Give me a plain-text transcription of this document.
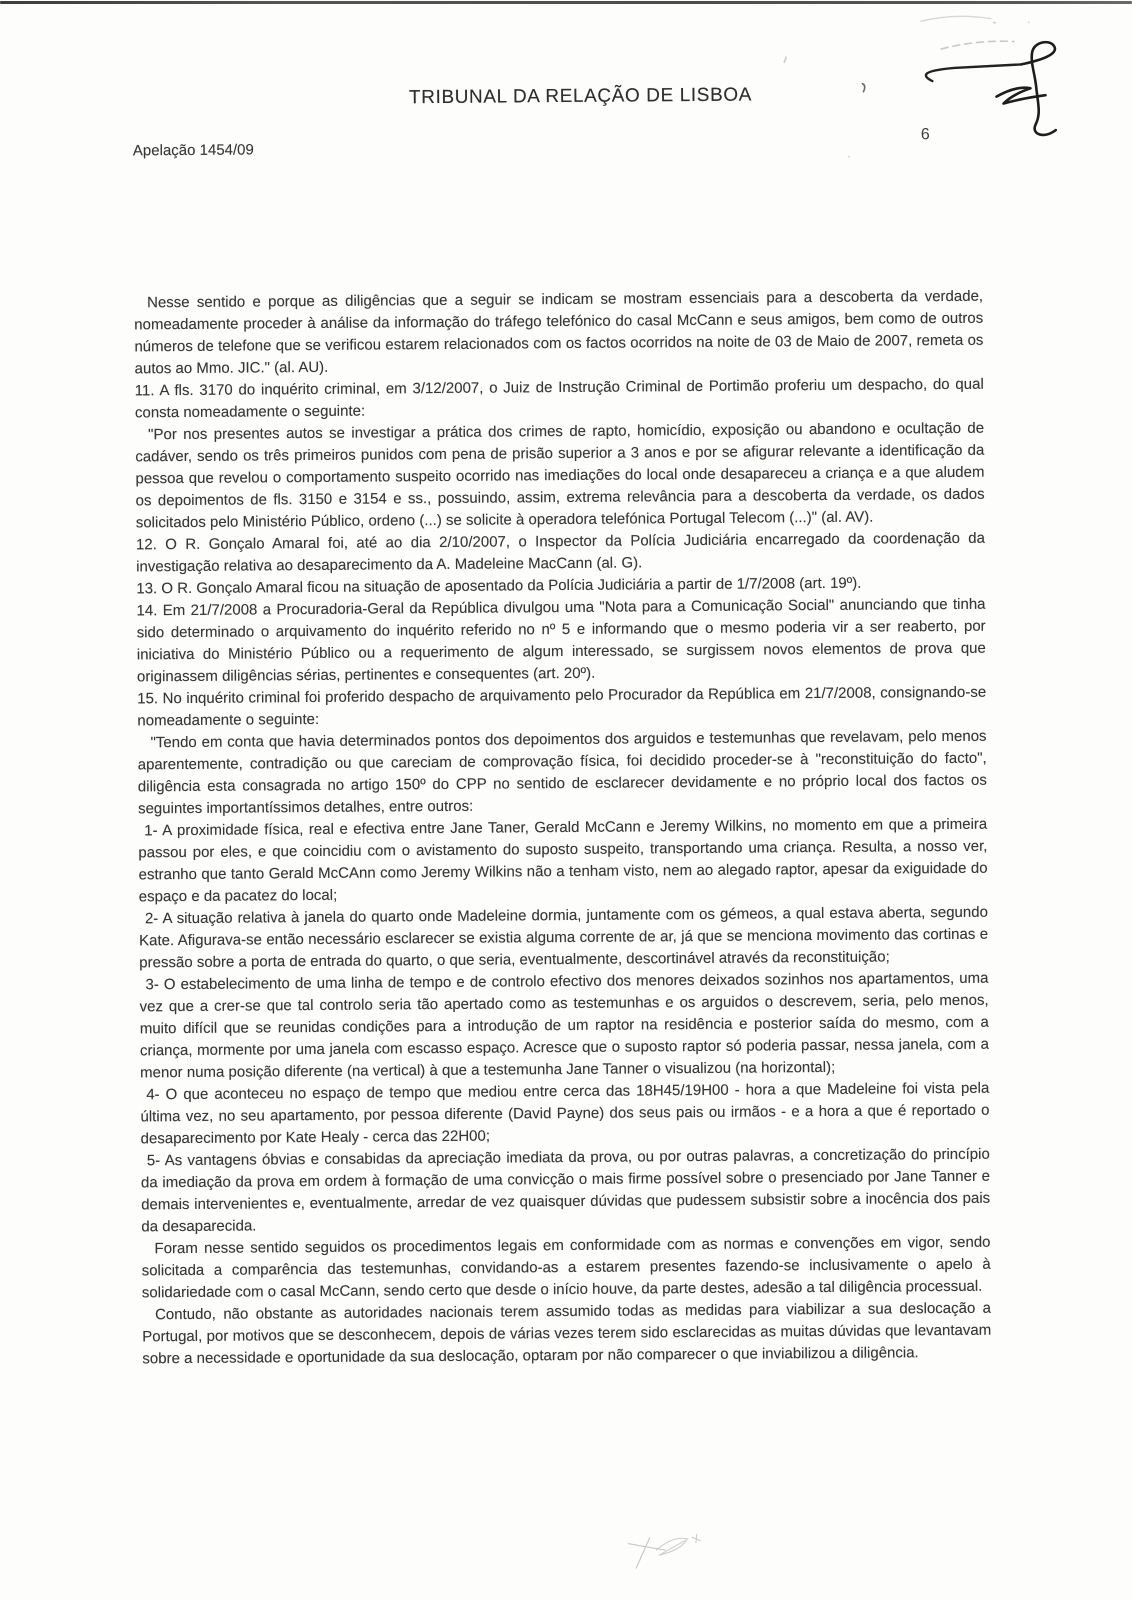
TRIBUNAL DA RELAÇÃO DE LISBOA
Apelação 1454/09
6

Nesse sentido e porque as diligências que a seguir se indicam se mostram essenciais para a descoberta da verdade, nomeadamente proceder à análise da informação do tráfego telefónico do casal McCann e seus amigos, bem como de outros números de telefone que se verificou estarem relacionados com os factos ocorridos na noite de 03 de Maio de 2007, remeta os autos ao Mmo. JIC." (al. AU).

11. A fls. 3170 do inquérito criminal, em 3/12/2007, o Juiz de Instrução Criminal de Portimão proferiu um despacho, do qual consta nomeadamente o seguinte:

"Por nos presentes autos se investigar a prática dos crimes de rapto, homicídio, exposição ou abandono e ocultação de cadáver, sendo os três primeiros punidos com pena de prisão superior a 3 anos e por se afigurar relevante a identificação da pessoa que revelou o comportamento suspeito ocorrido nas imediações do local onde desapareceu a criança e a que aludem os depoimentos de fls. 3150 e 3154 e ss., possuindo, assim, extrema relevância para a descoberta da verdade, os dados solicitados pelo Ministério Público, ordeno (...) se solicite à operadora telefónica Portugal Telecom (...)" (al. AV).

12. O R. Gonçalo Amaral foi, até ao dia 2/10/2007, o Inspector da Polícia Judiciária encarregado da coordenação da investigação relativa ao desaparecimento da A. Madeleine MacCann (al. G).

13. O R. Gonçalo Amaral ficou na situação de aposentado da Polícia Judiciária a partir de 1/7/2008 (art. 19º).

14. Em 21/7/2008 a Procuradoria-Geral da República divulgou uma "Nota para a Comunicação Social" anunciando que tinha sido determinado o arquivamento do inquérito referido no nº 5 e informando que o mesmo poderia vir a ser reaberto, por iniciativa do Ministério Público ou a requerimento de algum interessado, se surgissem novos elementos de prova que originassem diligências sérias, pertinentes e consequentes (art. 20º).

15. No inquérito criminal foi proferido despacho de arquivamento pelo Procurador da República em 21/7/2008, consignando-se nomeadamente o seguinte:

"Tendo em conta que havia determinados pontos dos depoimentos dos arguidos e testemunhas que revelavam, pelo menos aparentemente, contradição ou que careciam de comprovação física, foi decidido proceder-se à "reconstituição do facto", diligência esta consagrada no artigo 150º do CPP no sentido de esclarecer devidamente e no próprio local dos factos os seguintes importantíssimos detalhes, entre outros:

1- A proximidade física, real e efectiva entre Jane Taner, Gerald McCann e Jeremy Wilkins, no momento em que a primeira passou por eles, e que coincidiu com o avistamento do suposto suspeito, transportando uma criança. Resulta, a nosso ver, estranho que tanto Gerald McCAnn como Jeremy Wilkins não a tenham visto, nem ao alegado raptor, apesar da exiguidade do espaço e da pacatez do local;

2- A situação relativa à janela do quarto onde Madeleine dormia, juntamente com os gémeos, a qual estava aberta, segundo Kate. Afigurava-se então necessário esclarecer se existia alguma corrente de ar, já que se menciona movimento das cortinas e pressão sobre a porta de entrada do quarto, o que seria, eventualmente, descortinável através da reconstituição;

3- O estabelecimento de uma linha de tempo e de controlo efectivo dos menores deixados sozinhos nos apartamentos, uma vez que a crer-se que tal controlo seria tão apertado como as testemunhas e os arguidos o descrevem, seria, pelo menos, muito difícil que se reunidas condições para a introdução de um raptor na residência e posterior saída do mesmo, com a criança, mormente por uma janela com escasso espaço. Acresce que o suposto raptor só poderia passar, nessa janela, com a menor numa posição diferente (na vertical) à que a testemunha Jane Tanner o visualizou (na horizontal);

4- O que aconteceu no espaço de tempo que mediou entre cerca das 18H45/19H00 - hora a que Madeleine foi vista pela última vez, no seu apartamento, por pessoa diferente (David Payne) dos seus pais ou irmãos - e a hora a que é reportado o desaparecimento por Kate Healy - cerca das 22H00;

5- As vantagens óbvias e consabidas da apreciação imediata da prova, ou por outras palavras, a concretização do princípio da imediação da prova em ordem à formação de uma convicção o mais firme possível sobre o presenciado por Jane Tanner e demais intervenientes e, eventualmente, arredar de vez quaisquer dúvidas que pudessem subsistir sobre a inocência dos pais da desaparecida.

Foram nesse sentido seguidos os procedimentos legais em conformidade com as normas e convenções em vigor, sendo solicitada a comparência das testemunhas, convidando-as a estarem presentes fazendo-se inclusivamente o apelo à solidariedade com o casal McCann, sendo certo que desde o início houve, da parte destes, adesão a tal diligência processual.

Contudo, não obstante as autoridades nacionais terem assumido todas as medidas para viabilizar a sua deslocação a Portugal, por motivos que se desconhecem, depois de várias vezes terem sido esclarecidas as muitas dúvidas que levantavam sobre a necessidade e oportunidade da sua deslocação, optaram por não comparecer o que inviabilizou a diligência.
